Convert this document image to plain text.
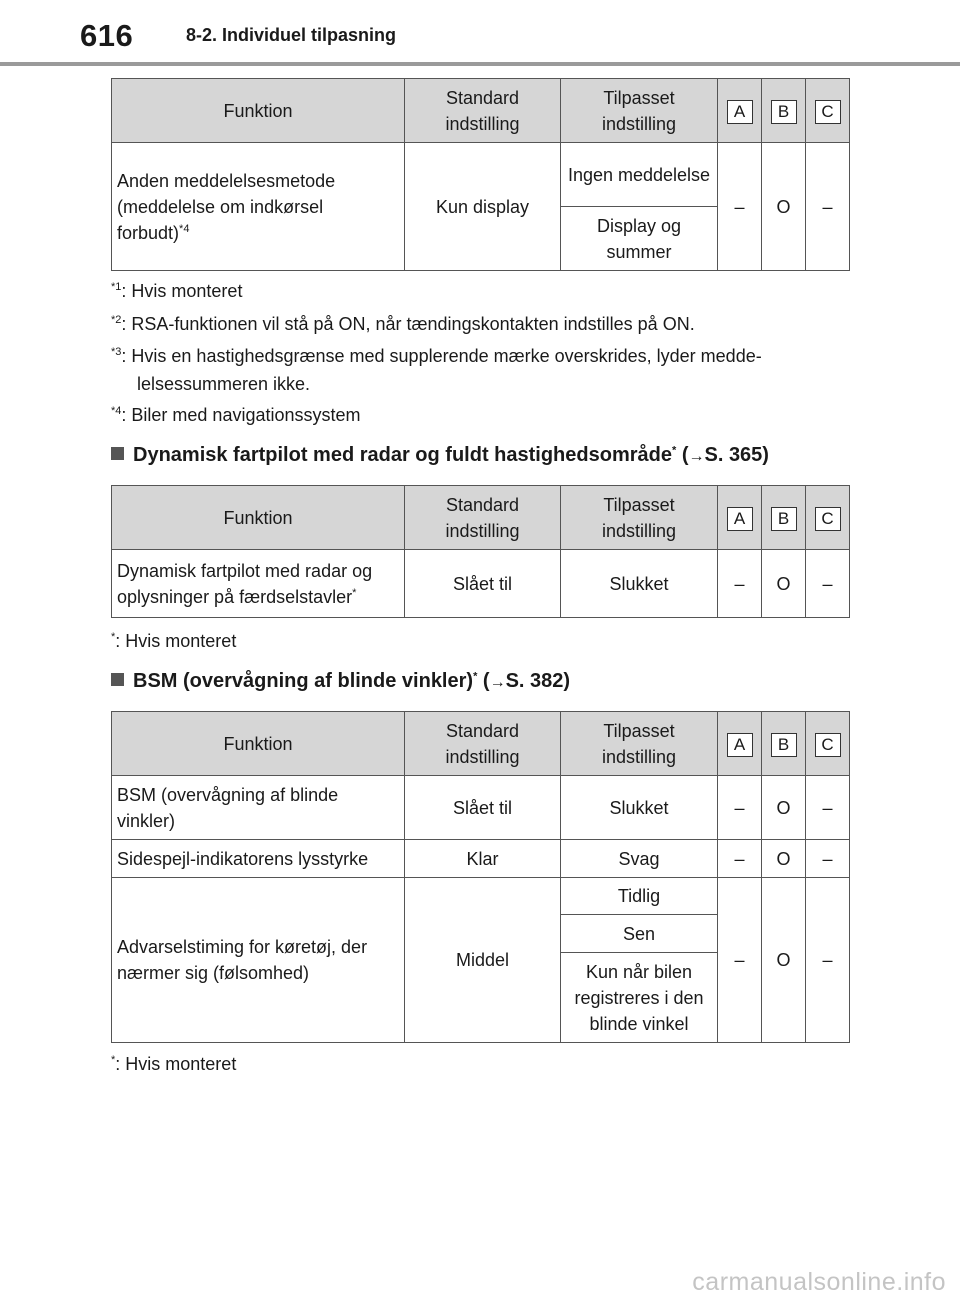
616	8-2. Individuel tilpasning
Funktion	Standard indstilling	Tilpasset indstilling	A	B	C
Anden meddelelsesmetode (meddelelse om indkørsel forbudt)$^{*4}$	Kun display	Ingen meddelelse	–	O	–
		Display og summer			
$^{*1}$: Hvis monteret
$^{*2}$: RSA-funktionen vil stå på ON, når tændingskontakten indstilles på ON.
$^{*3}$: Hvis en hastighedsgrænse med supplerende mærke overskrides, lyder medde-lelsessummeren ikke.
$^{*4}$: Biler med navigationssystem
Dynamisk fartpilot med radar og fuldt hastighedsområde* (→S. 365)
Funktion	Standard indstilling	Tilpasset indstilling	A	B	C
Dynamisk fartpilot med radar og oplysninger på færdselstavler*	Slået til	Slukket	–	O	–
*: Hvis monteret
BSM (overvågning af blinde vinkler)* (→S. 382)
Funktion	Standard indstilling	Tilpasset indstilling	A	B	C
BSM (overvågning af blinde vinkler)	Slået til	Slukket	–	O	–
Sidespejl-indikatorens lysstyrke	Klar	Svag	–	O	–
Advarselstiming for køretøj, der nærmer sig (følsomhed)	Middel	Tidlig	–	O	–
		Sen			
		Kun når bilen registreres i den blinde vinkel			
*: Hvis monteret
carmanualsonline.info
